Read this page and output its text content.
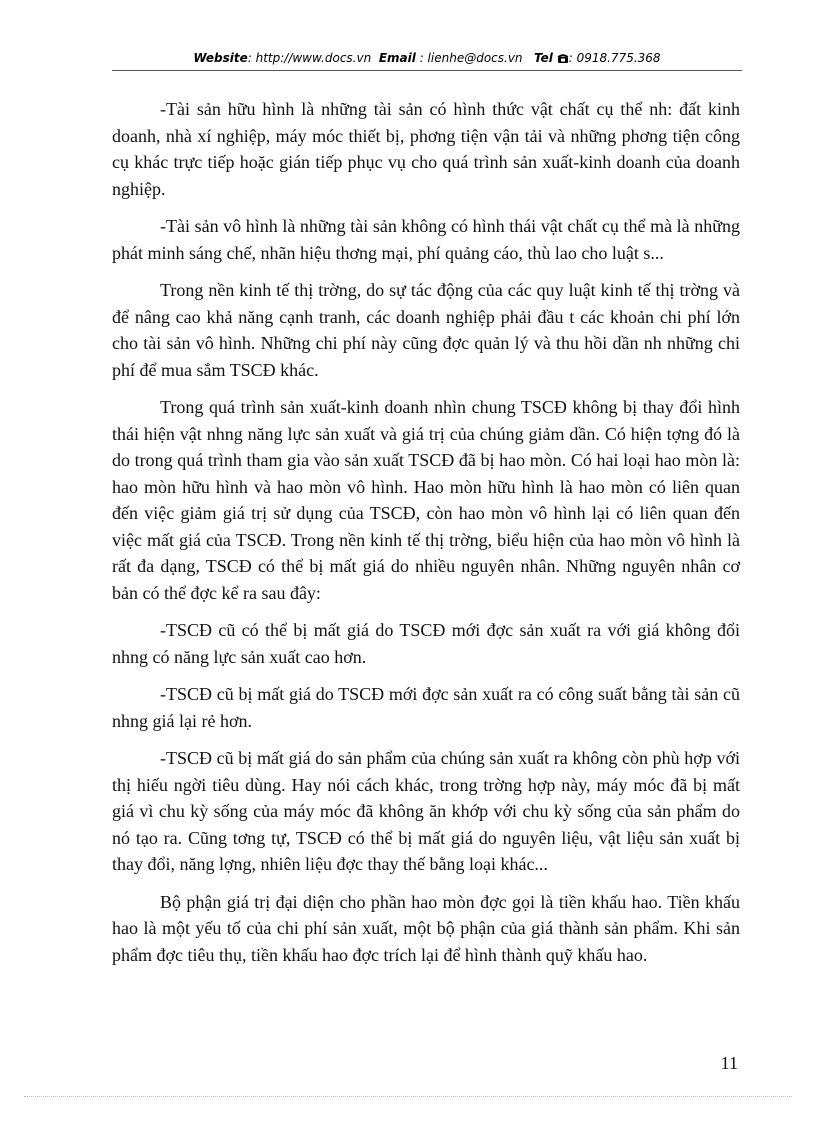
Website: http://www.docs.vn Email : lienhe@docs.vn Tel : 0918.775.368

-Tài sản hữu hình là những tài sản có hình thức vật chất cụ thể nh: đất kinh doanh, nhà xí nghiệp, máy móc thiết bị, phơng tiện vận tải và những phơng tiện công cụ khác trực tiếp hoặc gián tiếp phục vụ cho quá trình sản xuất-kinh doanh của doanh nghiệp.

-Tài sản vô hình là những tài sản không có hình thái vật chất cụ thể mà là những phát minh sáng chế, nhãn hiệu thơng mại, phí quảng cáo, thù lao cho luật s...

Trong nền kinh tế thị trờng, do sự tác động của các quy luật kinh tế thị trờng và để nâng cao khả năng cạnh tranh, các doanh nghiệp phải đầu t các khoản chi phí lớn cho tài sản vô hình. Những chi phí này cũng đợc quản lý và thu hồi dần nh những chi phí để mua sắm TSCĐ khác.

Trong quá trình sản xuất-kinh doanh nhìn chung TSCĐ không bị thay đổi hình thái hiện vật nhng năng lực sản xuất và giá trị của chúng giảm dần. Có hiện tợng đó là do trong quá trình tham gia vào sản xuất TSCĐ đã bị hao mòn. Có hai loại hao mòn là: hao mòn hữu hình và hao mòn vô hình. Hao mòn hữu hình là hao mòn có liên quan đến việc giảm giá trị sử dụng của TSCĐ, còn hao mòn vô hình lại có liên quan đến việc mất giá của TSCĐ. Trong nền kinh tế thị trờng, biểu hiện của hao mòn vô hình là rất đa dạng, TSCĐ có thể bị mất giá do nhiều nguyên nhân. Những nguyên nhân cơ bản có thể đợc kể ra sau đây:

-TSCĐ cũ có thể bị mất giá do TSCĐ mới đợc sản xuất ra với giá không đổi nhng có năng lực sản xuất cao hơn.

-TSCĐ cũ bị mất giá do TSCĐ mới đợc sản xuất ra có công suất bằng tài sản cũ nhng giá lại rẻ hơn.

-TSCĐ cũ bị mất giá do sản phẩm của chúng sản xuất ra không còn phù hợp với thị hiếu ngời tiêu dùng. Hay nói cách khác, trong trờng hợp này, máy móc đã bị mất giá vì chu kỳ sống của máy móc đã không ăn khớp với chu kỳ sống của sản phẩm do nó tạo ra. Cũng tơng tự, TSCĐ có thể bị mất giá do nguyên liệu, vật liệu sản xuất bị thay đổi, năng lợng, nhiên liệu đợc thay thế bằng loại khác...

Bộ phận giá trị đại diện cho phần hao mòn đợc gọi là tiền khấu hao. Tiền khấu hao là một yếu tố của chi phí sản xuất, một bộ phận của giá thành sản phẩm. Khi sản phẩm đợc tiêu thụ, tiền khấu hao đợc trích lại để hình thành quỹ khấu hao.

11
